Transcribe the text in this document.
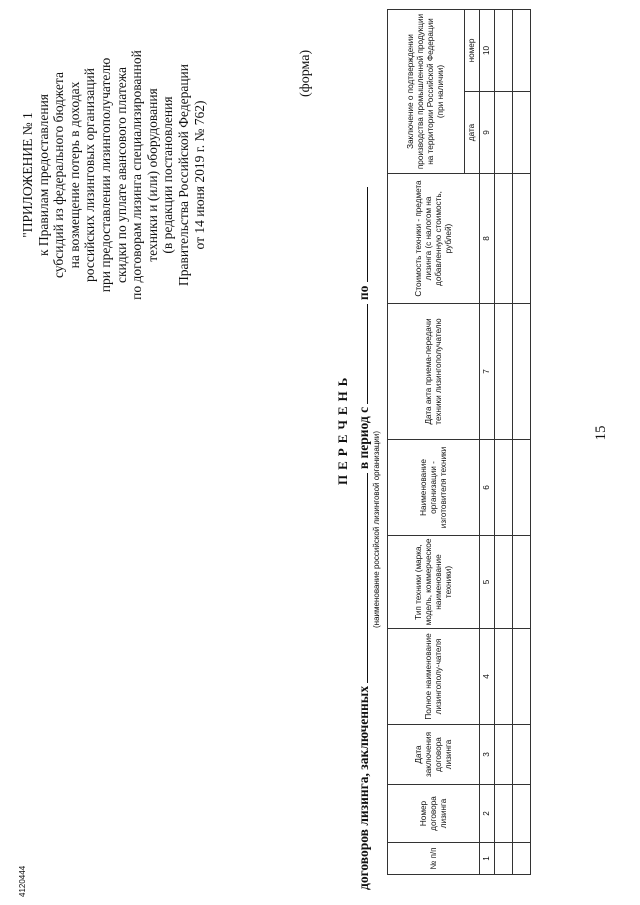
15
4120444
"ПРИЛОЖЕНИЕ № 1 к Правилам предоставления субсидий из федерального бюджета на возмещение потерь в доходах российских лизинговых организаций при предоставлении лизингополучателю скидки по уплате авансового платежа по договорам лизинга специализированной техники и (или) оборудования (в редакции постановления Правительства Российской Федерации от 14 июня 2019 г. № 762)
(форма)
ПЕРЕЧЕНЬ
договоров лизинга, заключенных  в период с  по
(наименование российской лизинговой организации)
№ п/п	Номер договора лизинга	Дата заключения договора лизинга	Полное наименование лизингополу-чателя	Тип техники (марка, модель, коммерческое наименование техники)	Наименование организации - изготовителя техники	Дата акта приема-передачи техники лизингополучателю	Стоимость техники - предмета лизинга (с налогом на добавленную стоимость, рублей)	Заключение о подтверждении производства промышленной продукции на территории Российской Федерации (при наличии)	
								дата	номер
1	2	3	4	5	6	7	8	9	10
